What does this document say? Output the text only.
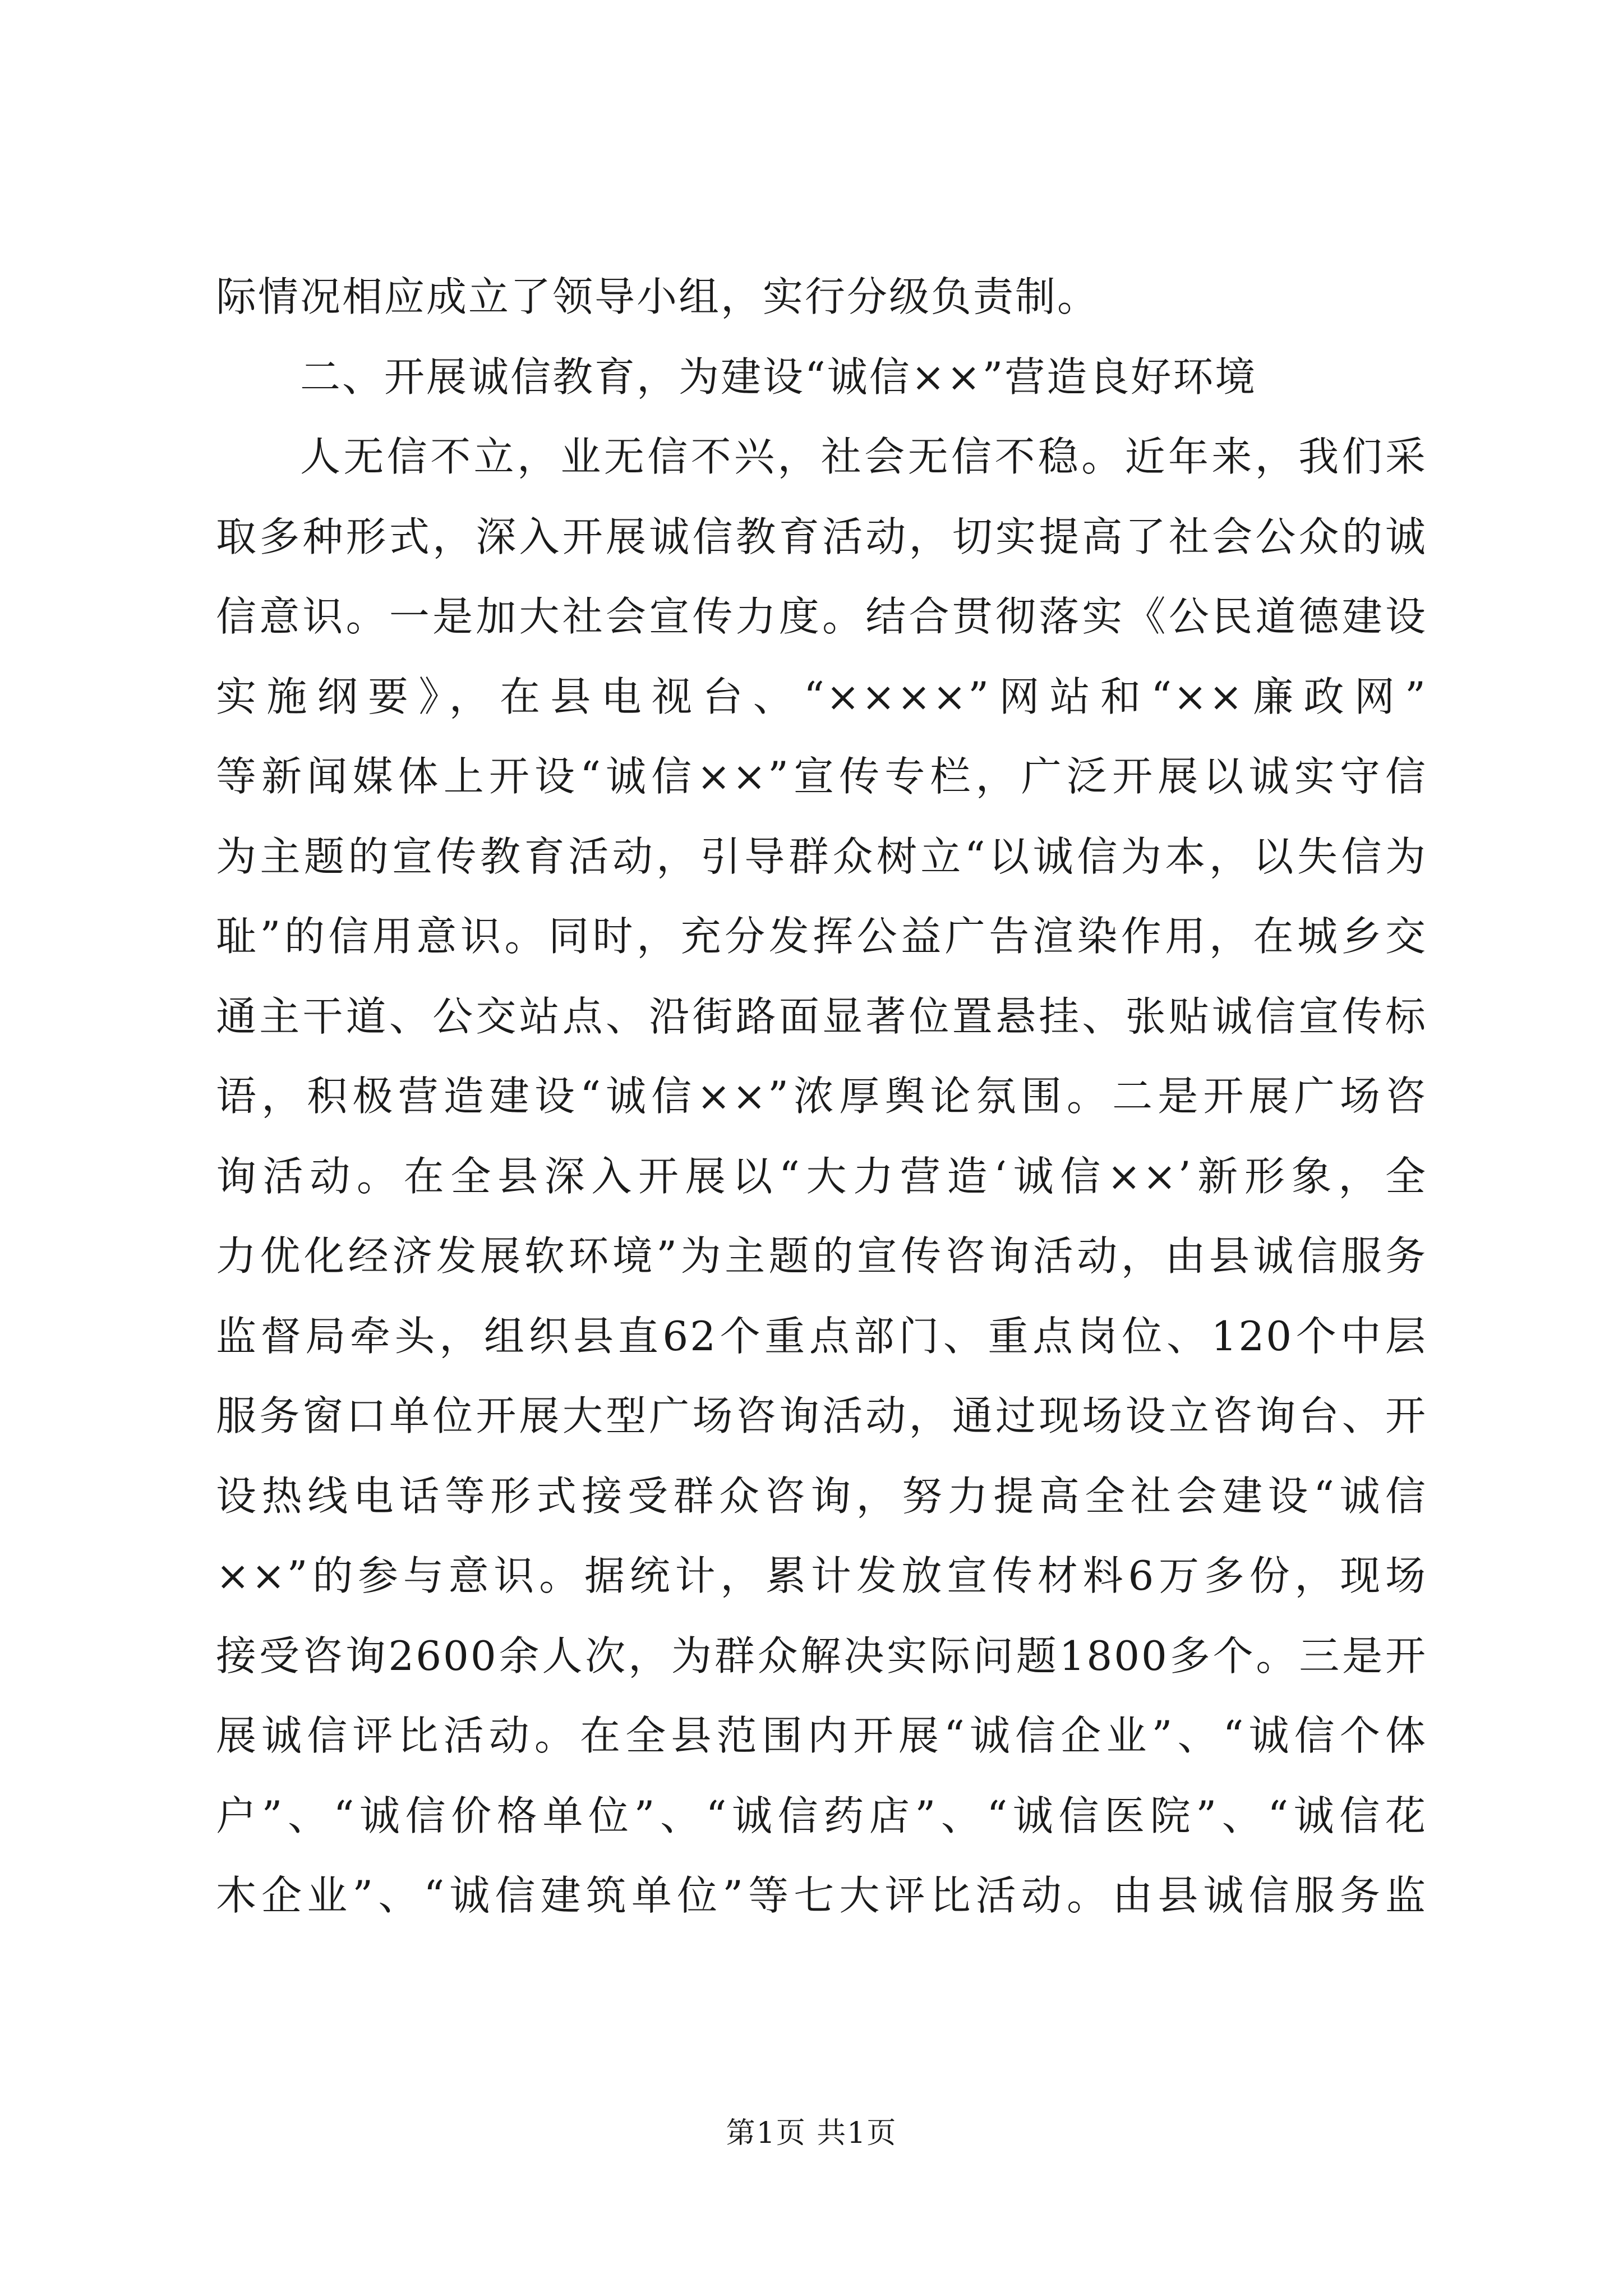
际情况相应成立了领导小组，实行分级负责制。
二、开展诚信教育，为建设“诚信××”营造良好环境
人无信不立，业无信不兴，社会无信不稳。近年来，我们采
取多种形式，深入开展诚信教育活动，切实提高了社会公众的诚
信意识。一是加大社会宣传力度。结合贯彻落实《公民道德建设
实施纲要》，在县电视台、“××××”网站和“××廉政网”
等新闻媒体上开设“诚信××”宣传专栏，广泛开展以诚实守信
为主题的宣传教育活动，引导群众树立“以诚信为本，以失信为
耻”的信用意识。同时，充分发挥公益广告渲染作用，在城乡交
通主干道、公交站点、沿街路面显著位置悬挂、张贴诚信宣传标
语，积极营造建设“诚信××”浓厚舆论氛围。二是开展广场咨
询活动。在全县深入开展以“大力营造‘诚信××’新形象，全
力优化经济发展软环境”为主题的宣传咨询活动，由县诚信服务
监督局牵头，组织县直62个重点部门、重点岗位、120个中层
服务窗口单位开展大型广场咨询活动，通过现场设立咨询台、开
设热线电话等形式接受群众咨询，努力提高全社会建设“诚信
××”的参与意识。据统计，累计发放宣传材料6万多份，现场
接受咨询2600余人次，为群众解决实际问题1800多个。三是开
展诚信评比活动。在全县范围内开展“诚信企业”、“诚信个体
户”、“诚信价格单位”、“诚信药店”、“诚信医院”、“诚信花
木企业”、“诚信建筑单位”等七大评比活动。由县诚信服务监
第1页 共1页
